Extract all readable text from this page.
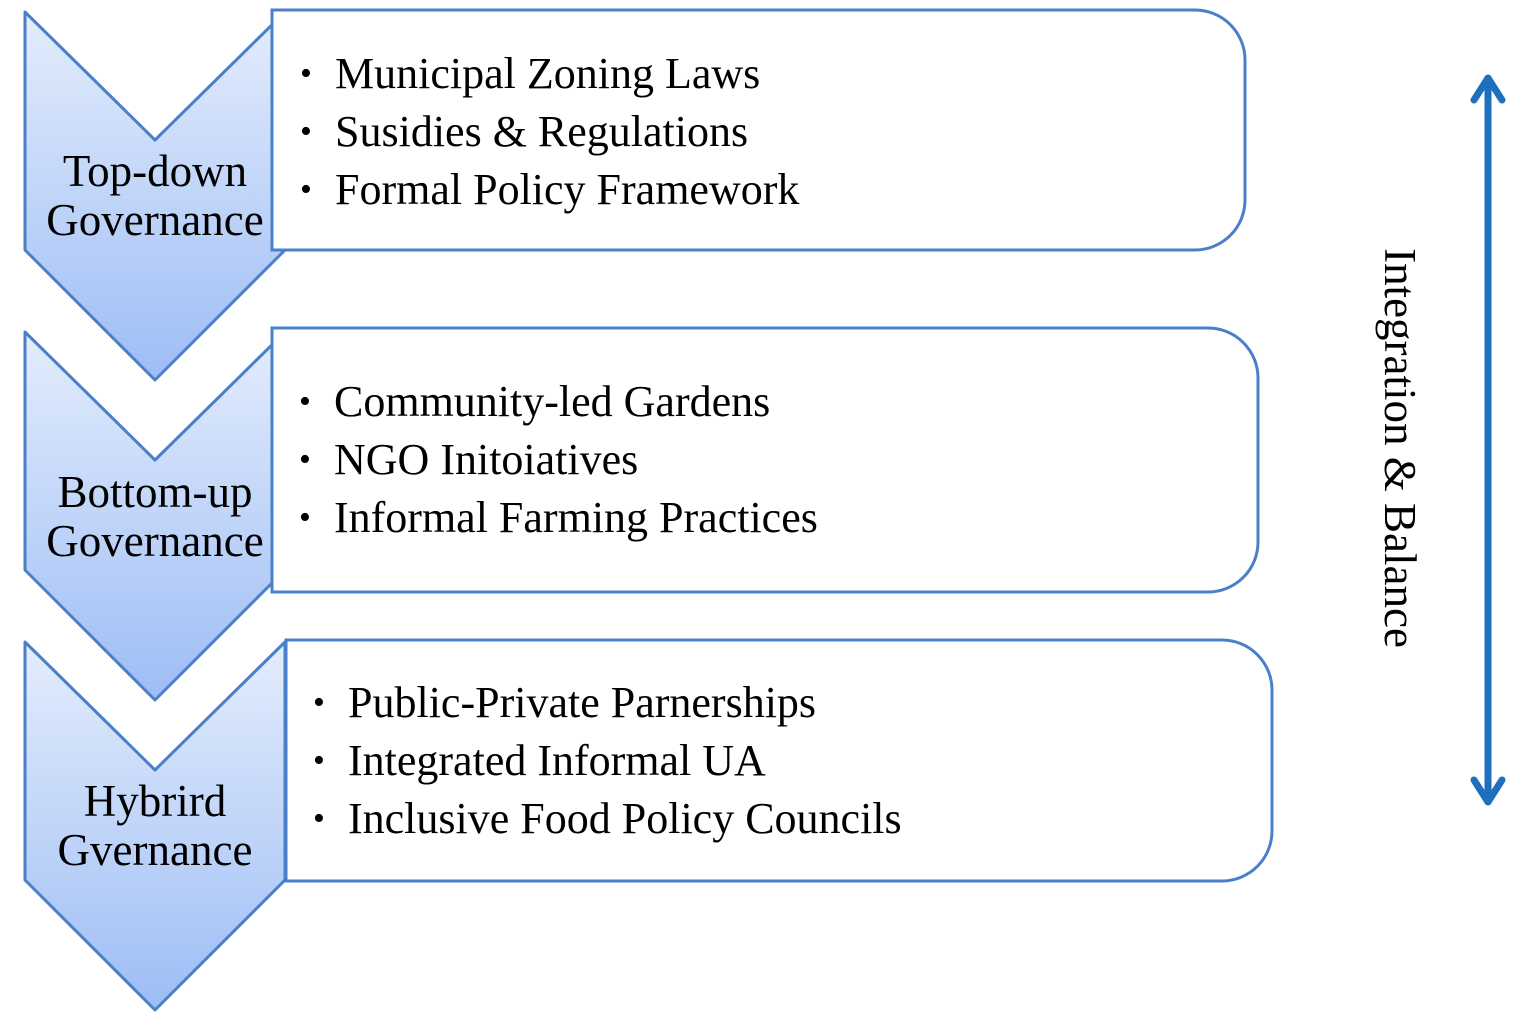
Top-down
Governance
Bottom-up
Governance
Hybrird
Gvernance
• Municipal Zoning Laws
• Susidies & Regulations
• Formal Policy Framework
• Community-led Gardens
• NGO Initoiatives
• Informal Farming Practices
• Public-Private Parnerships
• Integrated Informal UA
• Inclusive Food Policy Councils
Integration & Balance
